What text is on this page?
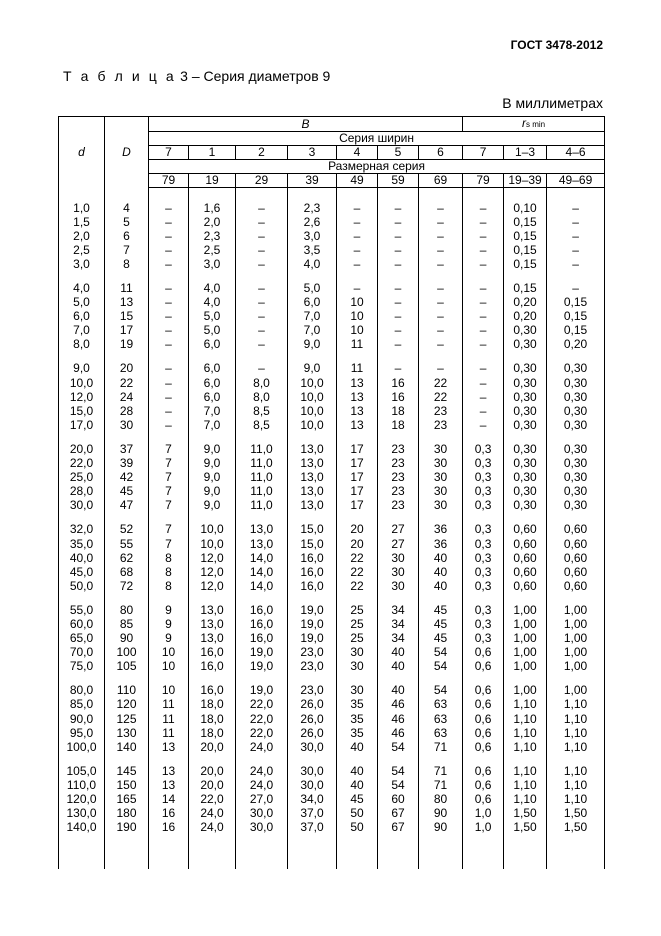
ГОСТ 3478-2012
Т а б л и ц а 3 – Серия диаметров 9
В миллиметрах
d	D	B							rs min		
		Серия ширин									
		7	1	2	3	4	5	6	7	1–3	4–6
		Размерная серия									
		79	19	29	39	49	59	69	79	19–39	49–69

1,0	4	–	1,6	–	2,3	–	–	–	–	0,10	–
1,5	5	–	2,0	–	2,6	–	–	–	–	0,15	–
2,0	6	–	2,3	–	3,0	–	–	–	–	0,15	–
2,5	7	–	2,5	–	3,5	–	–	–	–	0,15	–
3,0	8	–	3,0	–	4,0	–	–	–	–	0,15	–

4,0	11	–	4,0	–	5,0	–	–	–	–	0,15	–
5,0	13	–	4,0	–	6,0	10	–	–	–	0,20	0,15
6,0	15	–	5,0	–	7,0	10	–	–	–	0,20	0,15
7,0	17	–	5,0	–	7,0	10	–	–	–	0,30	0,15
8,0	19	–	6,0	–	9,0	11	–	–	–	0,30	0,20

9,0	20	–	6,0	–	9,0	11	–	–	–	0,30	0,30
10,0	22	–	6,0	8,0	10,0	13	16	22	–	0,30	0,30
12,0	24	–	6,0	8,0	10,0	13	16	22	–	0,30	0,30
15,0	28	–	7,0	8,5	10,0	13	18	23	–	0,30	0,30
17,0	30	–	7,0	8,5	10,0	13	18	23	–	0,30	0,30

20,0	37	7	9,0	11,0	13,0	17	23	30	0,3	0,30	0,30
22,0	39	7	9,0	11,0	13,0	17	23	30	0,3	0,30	0,30
25,0	42	7	9,0	11,0	13,0	17	23	30	0,3	0,30	0,30
28,0	45	7	9,0	11,0	13,0	17	23	30	0,3	0,30	0,30
30,0	47	7	9,0	11,0	13,0	17	23	30	0,3	0,30	0,30

32,0	52	7	10,0	13,0	15,0	20	27	36	0,3	0,60	0,60
35,0	55	7	10,0	13,0	15,0	20	27	36	0,3	0,60	0,60
40,0	62	8	12,0	14,0	16,0	22	30	40	0,3	0,60	0,60
45,0	68	8	12,0	14,0	16,0	22	30	40	0,3	0,60	0,60
50,0	72	8	12,0	14,0	16,0	22	30	40	0,3	0,60	0,60

55,0	80	9	13,0	16,0	19,0	25	34	45	0,3	1,00	1,00
60,0	85	9	13,0	16,0	19,0	25	34	45	0,3	1,00	1,00
65,0	90	9	13,0	16,0	19,0	25	34	45	0,3	1,00	1,00
70,0	100	10	16,0	19,0	23,0	30	40	54	0,6	1,00	1,00
75,0	105	10	16,0	19,0	23,0	30	40	54	0,6	1,00	1,00

80,0	110	10	16,0	19,0	23,0	30	40	54	0,6	1,00	1,00
85,0	120	11	18,0	22,0	26,0	35	46	63	0,6	1,10	1,10
90,0	125	11	18,0	22,0	26,0	35	46	63	0,6	1,10	1,10
95,0	130	11	18,0	22,0	26,0	35	46	63	0,6	1,10	1,10
100,0	140	13	20,0	24,0	30,0	40	54	71	0,6	1,10	1,10

105,0	145	13	20,0	24,0	30,0	40	54	71	0,6	1,10	1,10
110,0	150	13	20,0	24,0	30,0	40	54	71	0,6	1,10	1,10
120,0	165	14	22,0	27,0	34,0	45	60	80	0,6	1,10	1,10
130,0	180	16	24,0	30,0	37,0	50	67	90	1,0	1,50	1,50
140,0	190	16	24,0	30,0	37,0	50	67	90	1,0	1,50	1,50
